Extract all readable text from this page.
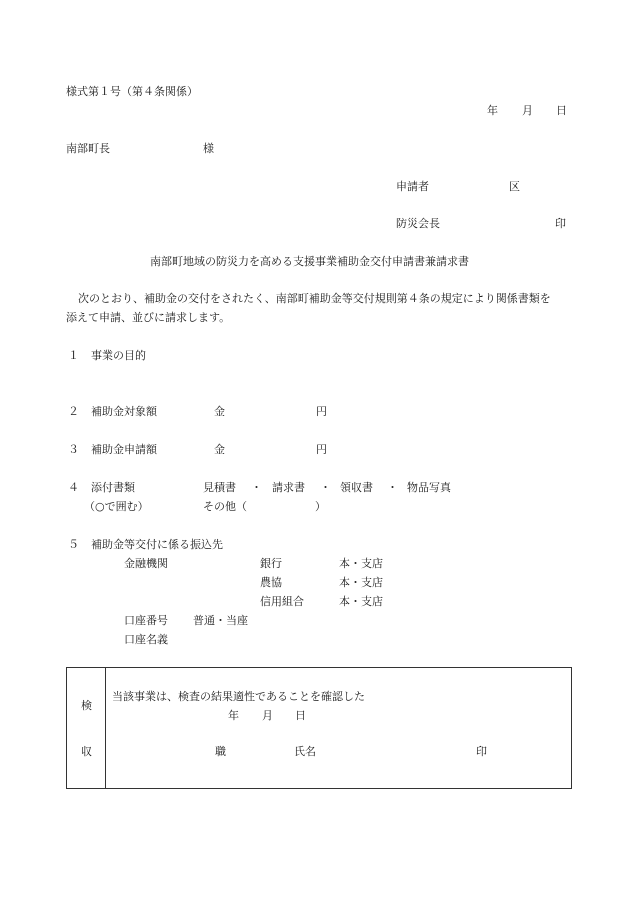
様式第１号（第４条関係）
年 月 日
南部町長	様
申請者	区
防災会長	印
南部町地域の防災力を高める支援事業補助金交付申請書兼請求書
次のとおり、補助金の交付をされたく、南部町補助金等交付規則第４条の規定により関係書類を
添えて申請、並びに請求します。
１ 事業の目的
２ 補助金対象額	金	円
３ 補助金申請額	金	円
４ 添付書類
（○で囲む）
見積書 ・ 請求書 ・ 領収書 ・ 物品写真
その他（	）
５ 補助金等交付に係る振込先
金融機関	銀行	本・支店
農協	本・支店
信用組合	本・支店
口座番号 普通・当座
口座名義
検
収
当該事業は、検査の結果適性であることを確認した
年 月 日
職	氏名	印
